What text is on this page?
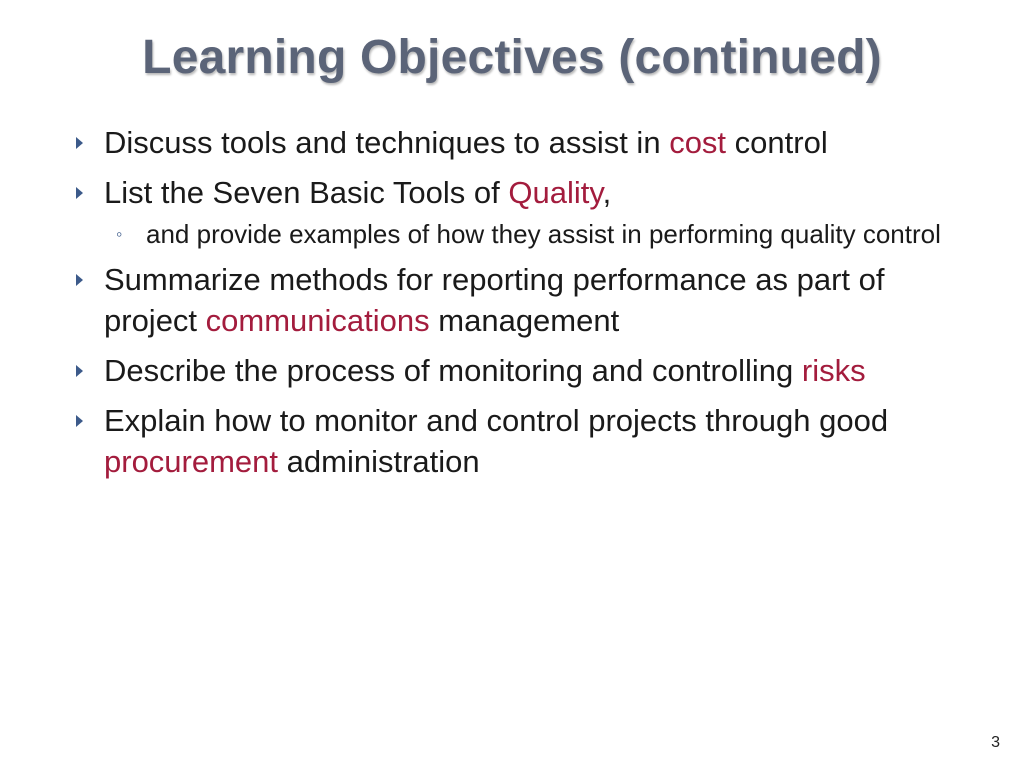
Learning Objectives (continued)
Discuss tools and techniques to assist in cost control
List the Seven Basic Tools of Quality,
◦ and provide examples of how they assist in performing quality control
Summarize methods for reporting performance as part of project communications management
Describe the process of monitoring and controlling risks
Explain how to monitor and control projects through good procurement administration
3
